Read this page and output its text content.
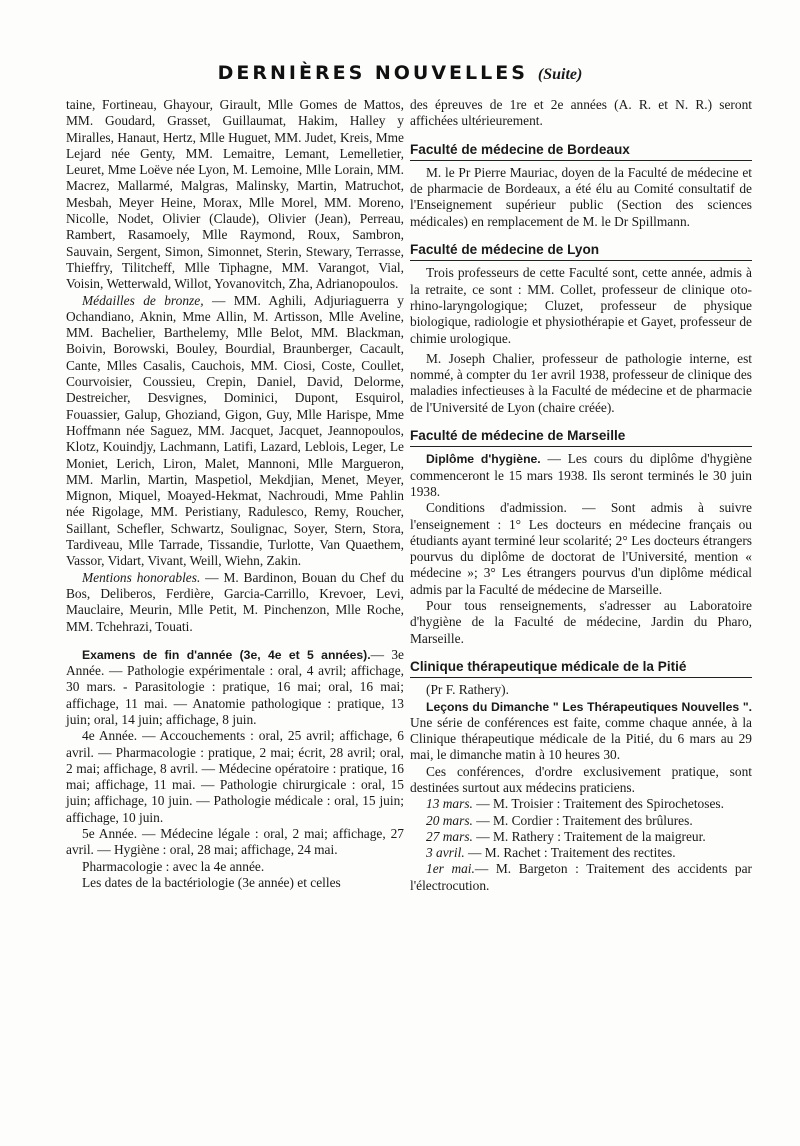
DERNIÈRES NOUVELLES (Suite)

taine, Fortineau, Ghayour, Girault, Mlle Gomes de Mattos, MM. Goudard, Grasset, Guillaumat, Hakim, Halley y Miralles, Hanaut, Hertz, Mlle Huguet, MM. Judet, Kreis, Mme Lejard née Genty, MM. Lemaitre, Lemant, Lemelletier, Leuret, Mme Loëve née Lyon, M. Lemoine, Mlle Lorain, MM. Macrez, Mallarmé, Malgras, Malinsky, Martin, Matruchot, Mesbah, Meyer Heine, Morax, Mlle Morel, MM. Moreno, Nicolle, Nodet, Olivier (Claude), Olivier (Jean), Perreau, Rambert, Rasamoely, Mlle Raymond, Roux, Sambron, Sauvain, Sergent, Simon, Simonnet, Sterin, Stewary, Terrasse, Thieffry, Tilitcheff, Mlle Tiphagne, MM. Varangot, Vial, Voisin, Wetterwald, Willot, Yovanovitch, Zha, Adrianopoulos.

Médailles de bronze, — MM. Aghili, Adjuriaguerra y Ochandiano, Aknin, Mme Allin, M. Artisson, Mlle Aveline, MM. Bachelier, Barthelemy, Mlle Belot, MM. Blackman, Boivin, Borowski, Bouley, Bourdial, Braunberger, Cacault, Cante, Mlles Casalis, Cauchois, MM. Ciosi, Coste, Coullet, Courvoisier, Coussieu, Crepin, Daniel, David, Delorme, Destreicher, Desvignes, Dominici, Dupont, Esquirol, Fouassier, Galup, Ghoziand, Gigon, Guy, Mlle Harispe, Mme Hoffmann née Saguez, MM. Jacquet, Jacquet, Jeannopoulos, Klotz, Kouindjy, Lachmann, Latifi, Lazard, Leblois, Leger, Le Moniet, Lerich, Liron, Malet, Mannoni, Mlle Margueron, MM. Marlin, Martin, Maspetiol, Mekdjian, Menet, Meyer, Mignon, Miquel, Moayed-Hekmat, Nachroudi, Mme Pahlin née Rigolage, MM. Peristiany, Radulesco, Remy, Roucher, Saillant, Schefler, Schwartz, Soulignac, Soyer, Stern, Stora, Tardiveau, Mlle Tarrade, Tissandie, Turlotte, Van Quaethem, Vassor, Vidart, Vivant, Weill, Wiehn, Zakin.

Mentions honorables. — M. Bardinon, Bouan du Chef du Bos, Deliberos, Ferdière, Garcia-Carrillo, Krevoer, Levi, Mauclaire, Meurin, Mlle Petit, M. Pinchenzon, Mlle Roche, MM. Tchehrazi, Touati.

Examens de fin d'année (3e, 4e et 5 années).— 3e Année. — Pathologie expérimentale : oral, 4 avril; affichage, 30 mars. - Parasitologie : pratique, 16 mai; oral, 16 mai; affichage, 11 mai. — Anatomie pathologique : pratique, 13 juin; oral, 14 juin; affichage, 8 juin.

4e Année. — Accouchements : oral, 25 avril; affichage, 6 avril. — Pharmacologie : pratique, 2 mai; écrit, 28 avril; oral, 2 mai; affichage, 8 avril. — Médecine opératoire : pratique, 16 mai; affichage, 11 mai. — Pathologie chirurgicale : oral, 15 juin; affichage, 10 juin. — Pathologie médicale : oral, 15 juin; affichage, 10 juin.

5e Année. — Médecine légale : oral, 2 mai; affichage, 27 avril. — Hygiène : oral, 28 mai; affichage, 24 mai.

Pharmacologie : avec la 4e année.

Les dates de la bactériologie (3e année) et celles

des épreuves de 1re et 2e années (A. R. et N. R.) seront affichées ultérieurement.

Faculté de médecine de Bordeaux

M. le Pr Pierre Mauriac, doyen de la Faculté de médecine et de pharmacie de Bordeaux, a été élu au Comité consultatif de l'Enseignement supérieur public (Section des sciences médicales) en remplacement de M. le Dr Spillmann.

Faculté de médecine de Lyon

Trois professeurs de cette Faculté sont, cette année, admis à la retraite, ce sont : MM. Collet, professeur de clinique oto-rhino-laryngologique; Cluzet, professeur de physique biologique, radiologie et physiothérapie et Gayet, professeur de chimie urologique.

M. Joseph Chalier, professeur de pathologie interne, est nommé, à compter du 1er avril 1938, professeur de clinique des maladies infectieuses à la Faculté de médecine et de pharmacie de l'Université de Lyon (chaire créée).

Faculté de médecine de Marseille

Diplôme d'hygiène. — Les cours du diplôme d'hygiène commenceront le 15 mars 1938. Ils seront terminés le 30 juin 1938.

Conditions d'admission. — Sont admis à suivre l'enseignement : 1° Les docteurs en médecine français ou étudiants ayant terminé leur scolarité; 2° Les docteurs étrangers pourvus du diplôme de doctorat de l'Université, mention « médecine »; 3° Les étrangers pourvus d'un diplôme médical admis par la Faculté de médecine de Marseille.

Pour tous renseignements, s'adresser au Laboratoire d'hygiène de la Faculté de médecine, Jardin du Pharo, Marseille.

Clinique thérapeutique médicale de la Pitié

(Pr F. Rathery).

Leçons du Dimanche " Les Thérapeutiques Nouvelles ". Une série de conférences est faite, comme chaque année, à la Clinique thérapeutique médicale de la Pitié, du 6 mars au 29 mai, le dimanche matin à 10 heures 30.

Ces conférences, d'ordre exclusivement pratique, sont destinées surtout aux médecins praticiens.

13 mars. — M. Troisier : Traitement des Spirochetoses.

20 mars. — M. Cordier : Traitement des brûlures.

27 mars. — M. Rathery : Traitement de la maigreur.

3 avril. — M. Rachet : Traitement des rectites.

1er mai.— M. Bargeton : Traitement des accidents par l'électrocution.
